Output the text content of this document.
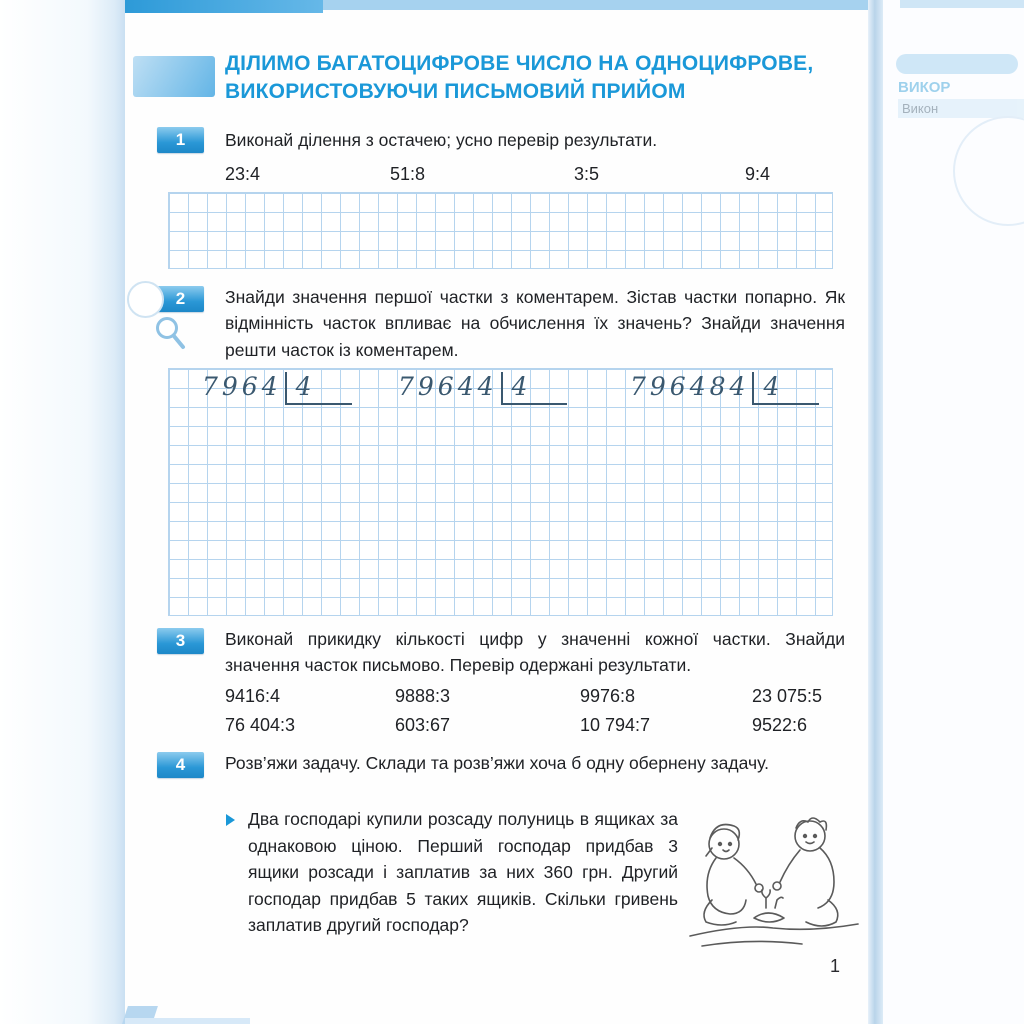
ВИКОР
Викон
ДІЛИМО БАГАТОЦИФРОВЕ ЧИСЛО НА ОДНОЦИФРОВЕ,
ВИКОРИСТОВУЮЧИ ПИСЬМОВИЙ ПРИЙОМ
1	Виконай ділення з остачею; усно перевір результати.
23:4	51:8	3:5	9:4
2	Знайди значення першої частки з коментарем. Зістав частки попарно. Як відмінність часток впливає на обчислення їх значень? Знайди значення решти часток із коментарем.
7964 4	79644 4	796484 4
3	Виконай прикидку кількості цифр у значенні кожної частки. Знайди значення часток письмово. Перевір одержані результати.
9416:4	9888:3	9976:8	23 075:5
76 404:3	603:67	10 794:7	9522:6
4	Розв’яжи задачу. Склади та розв’яжи хоча б одну обернену задачу.
Два господарі купили розсаду полуниць в ящиках за однаковою ціною. Перший господар придбав 3 ящики розсади і заплатив за них 360 грн. Другий господар придбав 5 таких ящиків. Скільки гривень заплатив другий господар?
1
